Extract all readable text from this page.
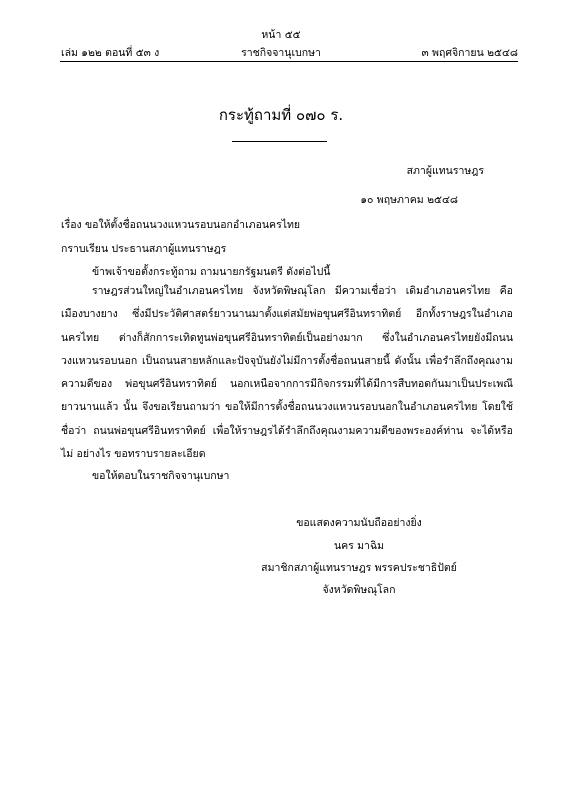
หน้า ๕๕
เล่ม ๑๒๒ ตอนที่ ๕๓ ง	ราชกิจจานุเบกษา	๓ พฤศจิกายน ๒๕๔๘
กระทู้ถามที่ ๐๗๐ ร.
สภาผู้แทนราษฎร
๑๐ พฤษภาคม ๒๕๔๘
เรื่อง ขอให้ตั้งชื่อถนนวงแหวนรอบนอกอำเภอนครไทย
กราบเรียน ประธานสภาผู้แทนราษฎร
ข้าพเจ้าขอตั้งกระทู้ถาม ถามนายกรัฐมนตรี ดังต่อไปนี้
ราษฎรส่วนใหญ่ในอำเภอนครไทย จังหวัดพิษณุโลก มีความเชื่อว่า เดิมอำเภอนครไทย คือ เมืองบางยาง ซึ่งมีประวัติศาสตร์ยาวนานมาตั้งแต่สมัยพ่อขุนศรีอินทราทิตย์ อีกทั้งราษฎรในอำเภอนครไทย ต่างก็สักการะเทิดทูนพ่อขุนศรีอินทราทิตย์เป็นอย่างมาก ซึ่งในอำเภอนครไทยยังมีถนนวงแหวนรอบนอก เป็นถนนสายหลักและปัจจุบันยังไม่มีการตั้งชื่อถนนสายนี้ ดังนั้น เพื่อรำลึกถึงคุณงามความดีของ พ่อขุนศรีอินทราทิตย์ นอกเหนือจากการมีกิจกรรมที่ได้มีการสืบทอดกันมาเป็นประเพณียาวนานแล้ว นั้น จึงขอเรียนถามว่า ขอให้มีการตั้งชื่อถนนวงแหวนรอบนอกในอำเภอนครไทย โดยใช้ชื่อว่า ถนนพ่อขุนศรีอินทราทิตย์ เพื่อให้ราษฎรได้รำลึกถึงคุณงามความดีของพระองค์ท่าน จะได้หรือไม่ อย่างไร ขอทราบรายละเอียด
ขอให้ตอบในราชกิจจานุเบกษา
ขอแสดงความนับถืออย่างยิ่ง
นคร มาฉิม
สมาชิกสภาผู้แทนราษฎร พรรคประชาธิปัตย์
จังหวัดพิษณุโลก
